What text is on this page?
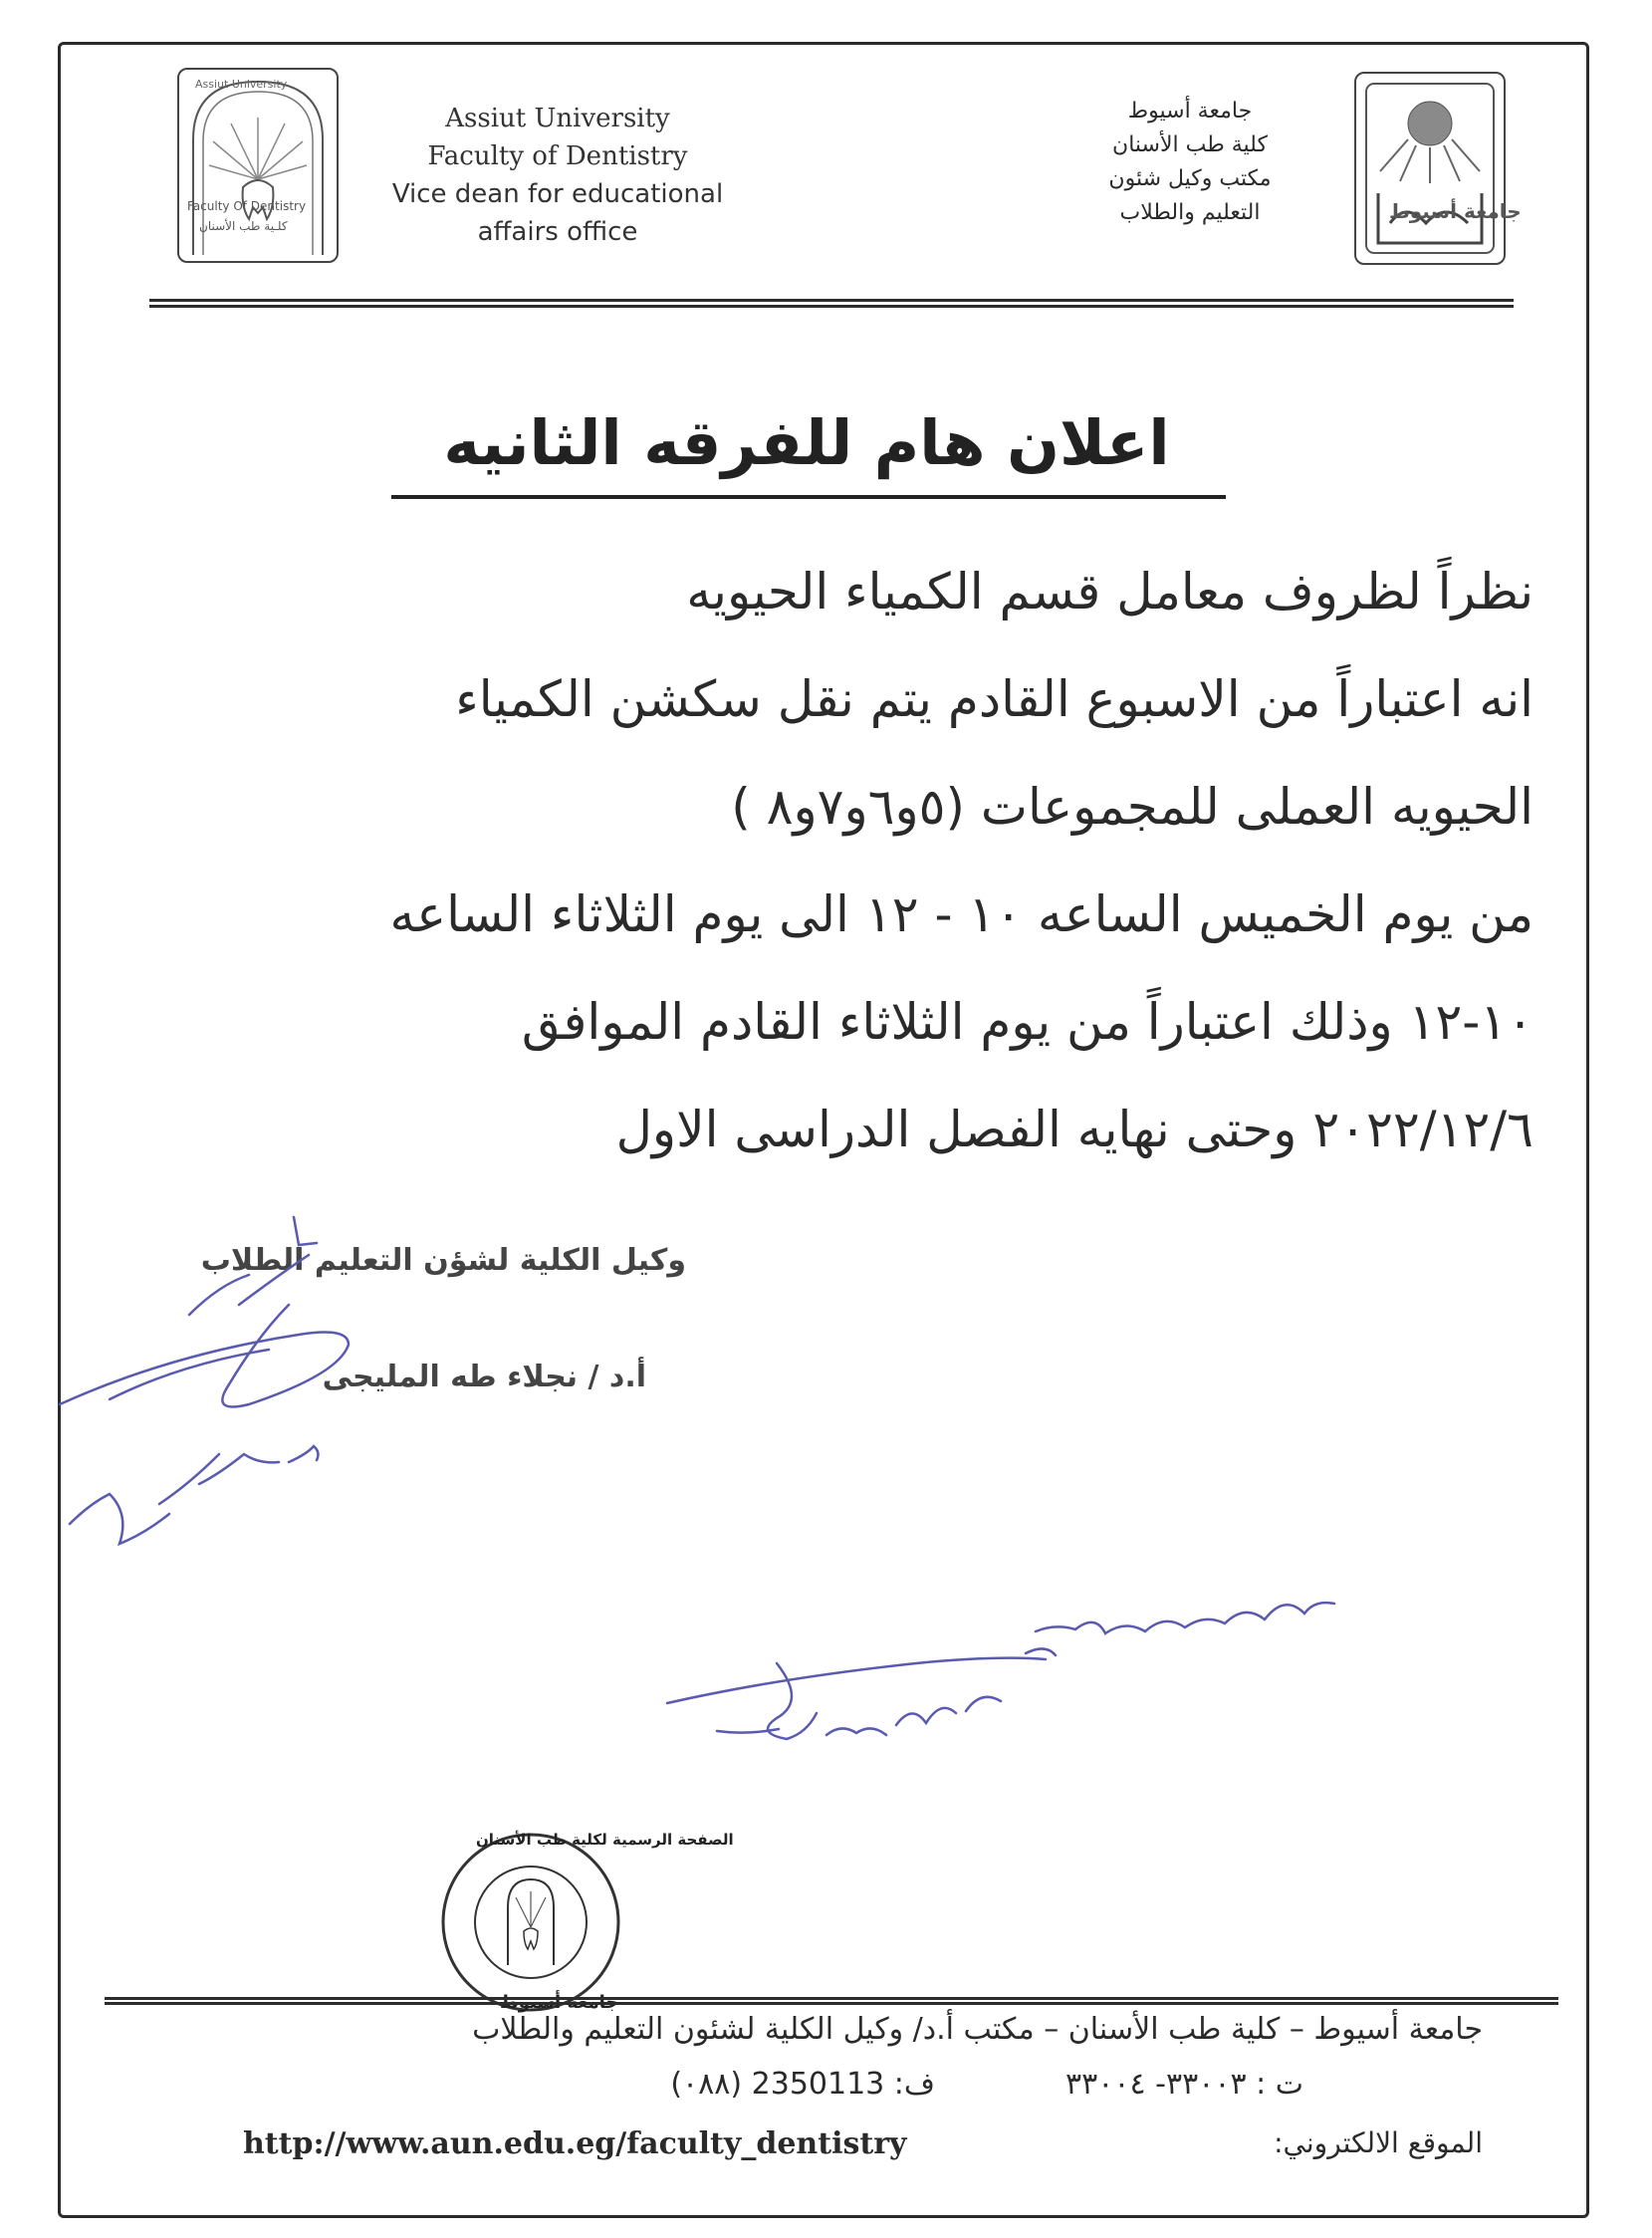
Assiut University
Faculty Of Dentistry
كلـية طب الأسنان
Assiut University
Faculty of Dentistry
Vice dean for educational
affairs office
جامعة أسيوط
كلية طب الأسنان
مكتب وكيل شئون
التعليم والطلاب	جامعة أسيوط
اعلان هام للفرقه الثانيه
نظراً لظروف معامل قسم الكمياء الحيويه
انه اعتباراً من الاسبوع القادم يتم نقل سكشن الكمياء
الحيويه العملى للمجموعات (٥و٦و٧و٨ )
من يوم الخميس الساعه ١٠ - ١٢ الى يوم الثلاثاء الساعه
١٠-١٢ وذلك اعتباراً من يوم الثلاثاء القادم الموافق
٢٠٢٢/١٢/٦ وحتى نهايه الفصل الدراسى الاول
وكيل الكلية لشؤن التعليم الطلاب
أ.د / نجلاء طه المليجى
الصفحة الرسمية لكلية طب الأسنان
جامعة أسيوط
جامعة أسيوط – كلية طب الأسنان – مكتب أ.د/ وكيل الكلية لشئون التعليم والطلاب
ت : ٣٣٠٠٣- ٣٣٠٠٤
ف: 2350113 (٠٨٨)
الموقع الالكتروني:
http://www.aun.edu.eg/faculty_dentistry
